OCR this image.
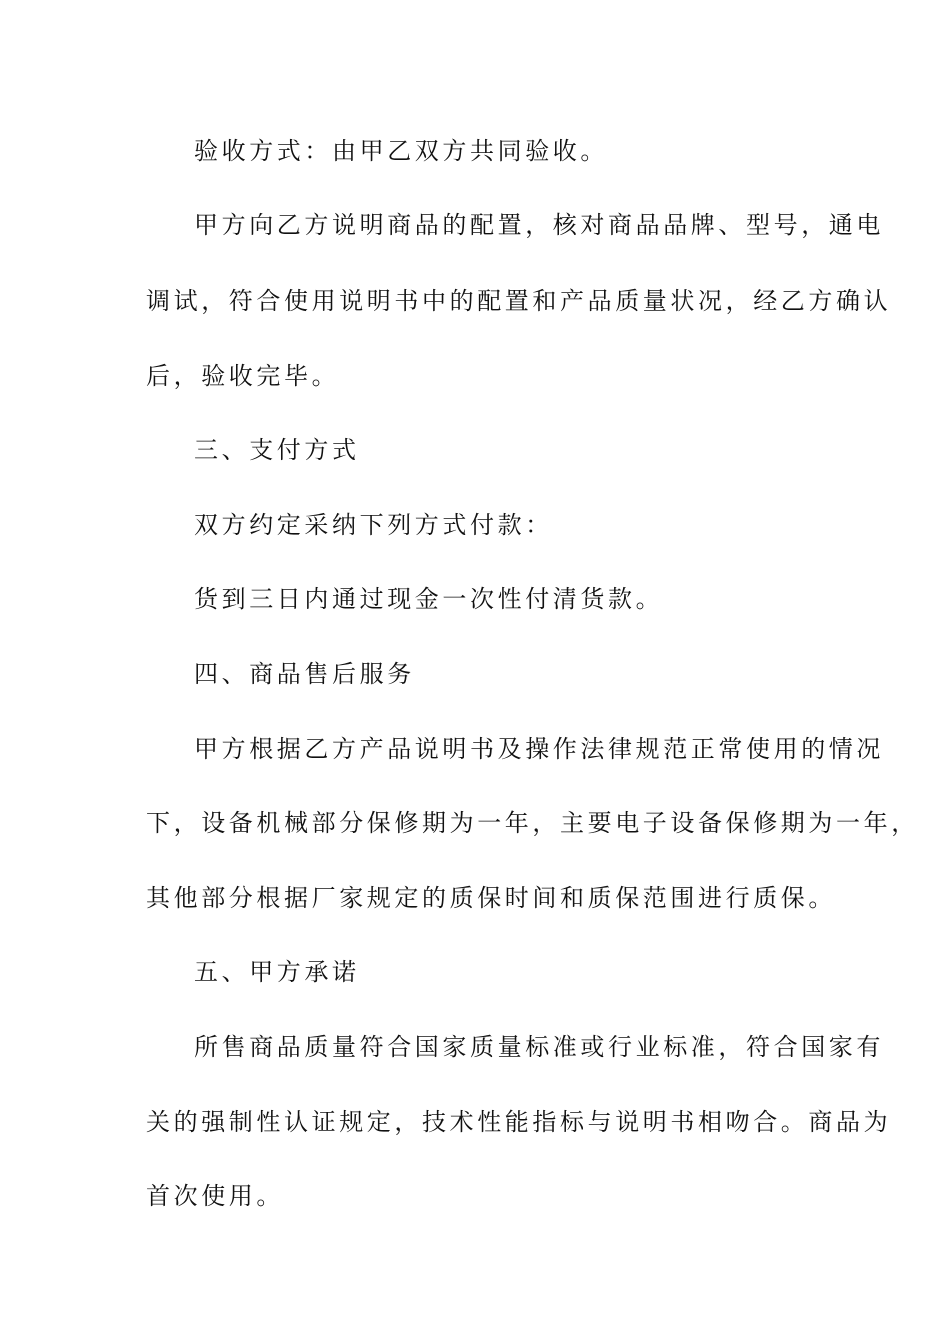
验收方式：由甲乙双方共同验收。

甲方向乙方说明商品的配置，核对商品品牌、型号，通电

调试，符合使用说明书中的配置和产品质量状况，经乙方确认

后，验收完毕。

三、支付方式

双方约定采纳下列方式付款：

货到三日内通过现金一次性付清货款。

四、商品售后服务

甲方根据乙方产品说明书及操作法律规范正常使用的情况

下，设备机械部分保修期为一年，主要电子设备保修期为一年，

其他部分根据厂家规定的质保时间和质保范围进行质保。

五、甲方承诺

所售商品质量符合国家质量标准或行业标准，符合国家有

关的强制性认证规定，技术性能指标与说明书相吻合。商品为

首次使用。
